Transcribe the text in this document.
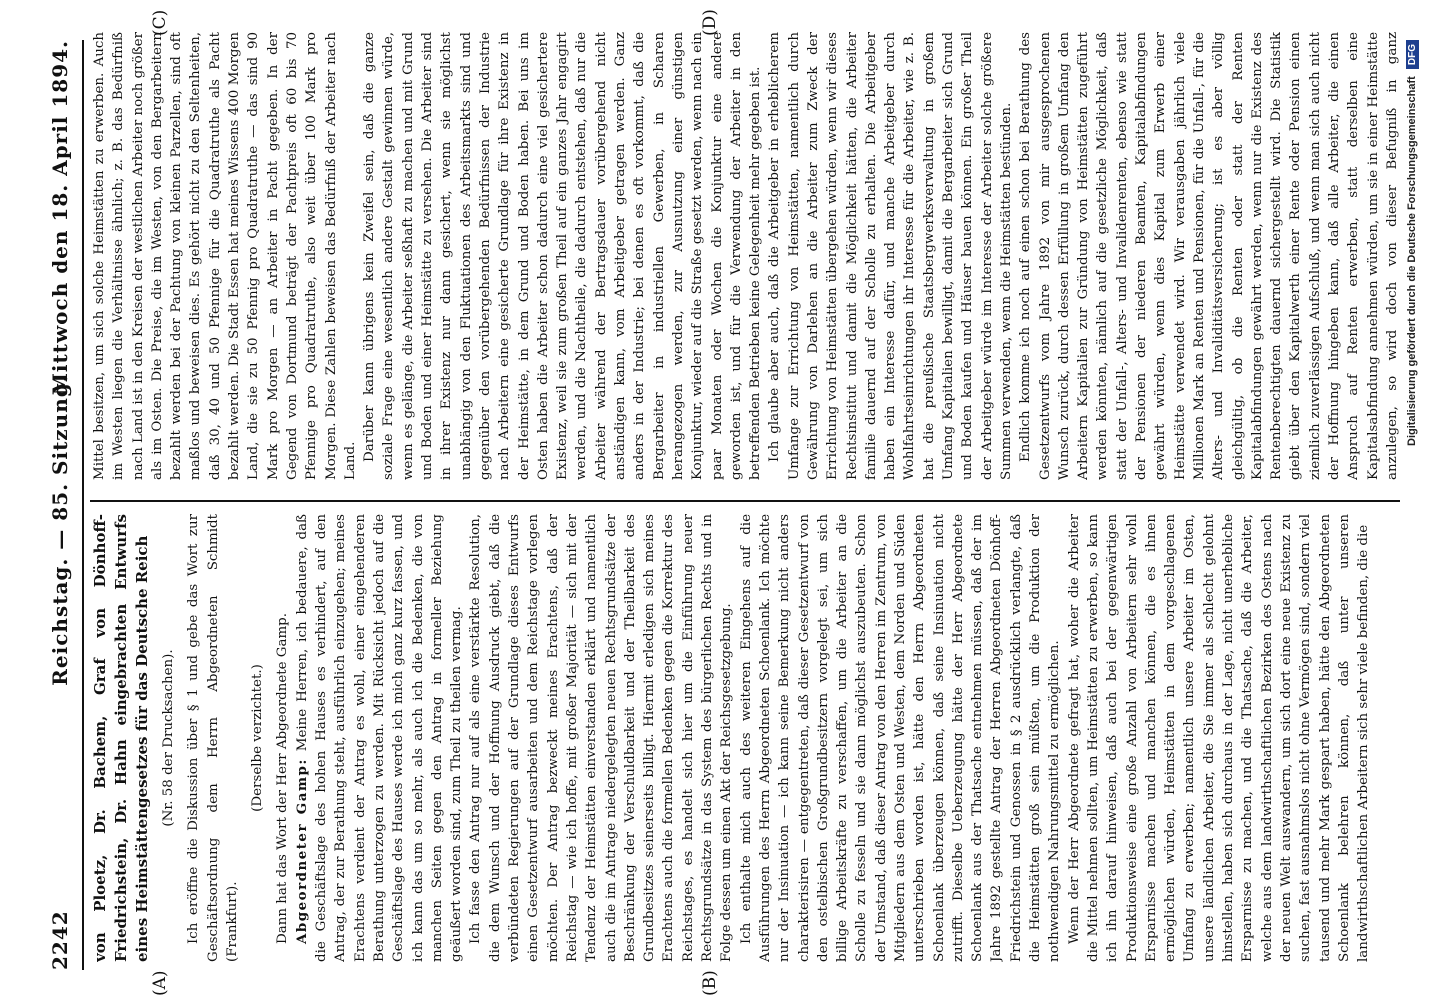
2242
Reichstag. — 85. Sitzung.
Mittwoch den 18. April 1894.
(A)	(B)
(C)	(D)

von Ploetz, Dr. Bachem, Graf von Dönhoff-Friedrichstein, Dr. Hahn eingebrachten Entwurfs eines Heimstättengesetzes für das Deutsche Reich (Nr. 58 der Drucksachen). Ich eröffne die Diskussion über § 1 und gebe das Wort zur Geschäftsordnung dem Herrn Abgeordneten Schmidt (Frankfurt).

(Derselbe verzichtet.) Dann hat das Wort der Herr Abgeordnete Gamp. Abgeordneter Gamp: Meine Herren, ich bedauere, daß die Geschäftslage des hohen Hauses es verhindert, auf den Antrag, der zur Berathung steht, ausführlich einzugehen; meines Erachtens verdient der Antrag es wohl, einer eingehenderen Berathung unterzogen zu werden. Mit Rücksicht jedoch auf die Geschäftslage des Hauses werde ich mich ganz kurz fassen, und ich kann das um so mehr, als auch ich die Bedenken, die von manchen Seiten gegen den Antrag in formeller Beziehung geäußert worden sind, zum Theil zu theilen vermag. Ich fasse den Antrag nur auf als eine verstärkte Resolution, die dem Wunsch und der Hoffnung Ausdruck giebt, daß die verbündeten Regierungen auf der Grundlage dieses Entwurfs einen Gesetzentwurf ausarbeiten und dem Reichstage vorlegen möchten. Der Antrag bezweckt meines Erachtens, daß der Reichstag — wie ich hoffe, mit großer Majorität — sich mit der Tendenz der Heimstätten einverstanden erklärt und namentlich auch die im Antrage niedergelegten neuen Rechtsgrundsätze der Beschränkung der Verschuldbarkeit und der Theilbarkeit des Grundbesitzes seinerseits billigt. Hiermit erledigen sich meines Erachtens auch die formellen Bedenken gegen die Korrektur des Reichstages, es handelt sich hier um die Einführung neuer Rechtsgrundsätze in das System des bürgerlichen Rechts und in Folge dessen um einen Akt der Reichsgesetzgebung. Ich enthalte mich auch des weiteren Eingehens auf die Ausführungen des Herrn Abgeordneten Schoenlank. Ich möchte nur der Insinuation — ich kann seine Bemerkung nicht anders charakterisiren — entgegentreten, daß dieser Gesetzentwurf von den ostelbischen Großgrundbesitzern vorgelegt sei, um sich billige Arbeitskräfte zu verschaffen, um die Arbeiter an die Scholle zu fesseln und sie dann möglichst auszubeuten. Schon der Umstand, daß dieser Antrag von den Herren im Zentrum, von Mitgliedern aus dem Osten und Westen, dem Norden und Süden unterschrieben worden ist, hätte den Herrn Abgeordneten Schoenlank überzeugen können, daß seine Insinuation nicht zutrifft. Dieselbe Ueberzeugung hätte der Herr Abgeordnete Schoenlank aus der Thatsache entnehmen müssen, daß der im Jahre 1892 gestellte Antrag der Herren Abgeordneten Dönhoff-Friedrichstein und Genossen in § 2 ausdrücklich verlangte, daß die Heimstätten groß sein müßten, um die Produktion der nothwendigen Nahrungsmittel zu ermöglichen. Wenn der Herr Abgeordnete gefragt hat, woher die Arbeiter die Mittel nehmen sollten, um Heimstätten zu erwerben, so kann ich ihn darauf hinweisen, daß auch bei der gegenwärtigen Produktionsweise eine große Anzahl von Arbeitern sehr wohl Ersparnisse machen und manchen können, die es ihnen ermöglichen würden, Heimstätten in dem vorgeschlagenen Umfang zu erwerben; namentlich unsere Arbeiter im Osten, unsere ländlichen Arbeiter, die Sie immer als schlecht gelohnt hinstellen, haben sich durchaus in der Lage, nicht unerhebliche Ersparnisse zu machen, und die Thatsache, daß die Arbeiter, welche aus dem landwirthschaftlichen Bezirken des Ostens nach der neuen Welt auswandern, um sich dort eine neue Existenz zu suchen, fast ausnahmslos nicht ohne Vermögen sind, sondern viel tausend und mehr Mark gespart haben, hätte den Abgeordneten Schoenlank belehren können, daß unter unseren landwirthschaftlichen Arbeitern sich sehr viele befinden, die die

Mittel besitzen, um sich solche Heimstätten zu erwerben. Auch im Westen liegen die Verhältnisse ähnlich; z. B. das Bedürfniß nach Land ist in den Kreisen der westlichen Arbeiter noch größer als im Osten. Die Preise, die im Westen, von den Bergarbeitern bezahlt werden bei der Pachtung von kleinen Parzellen, sind oft maßlos und beweisen dies. Es gehört nicht zu den Seltenheiten, daß 30, 40 und 50 Pfennige für die Quadratruthe als Pacht bezahlt werden. Die Stadt Essen hat meines Wissens 400 Morgen Land, die sie zu 50 Pfennig pro Quadratruthe — das sind 90 Mark pro Morgen — an Arbeiter in Pacht gegeben. In der Gegend von Dortmund beträgt der Pachtpreis oft 60 bis 70 Pfennige pro Quadratruthe, also weit über 100 Mark pro Morgen. Diese Zahlen beweisen das Bedürfniß der Arbeiter nach Land. Darüber kann übrigens kein Zweifel sein, daß die ganze soziale Frage eine wesentlich andere Gestalt gewinnen würde, wenn es gelänge, die Arbeiter seßhaft zu machen und mit Grund und Boden und einer Heimstätte zu versehen. Die Arbeiter sind in ihrer Existenz nur dann gesichert, wenn sie möglichst unabhängig von den Fluktuationen des Arbeitsmarkts sind und gegenüber den vorübergehenden Bedürfnissen der Industrie nach Arbeitern eine gesicherte Grundlage für ihre Existenz in der Heimstätte, in dem Grund und Boden haben. Bei uns im Osten haben die Arbeiter schon dadurch eine viel gesichertere Existenz, weil sie zum großen Theil auf ein ganzes Jahr engagirt werden, und die Nachtheile, die dadurch entstehen, daß nur die Arbeiter während der Bertragsdauer vorübergehend nicht anständigen kann, vom Arbeitgeber getragen werden. Ganz anders in der Industrie; bei denen es oft vorkommt, daß die Bergarbeiter in industriellen Gewerben, in Scharen herangezogen werden, zur Ausnutzung einer günstigen Konjunktur, wieder auf die Straße gesetzt werden, wenn nach ein paar Monaten oder Wochen die Konjunktur eine andere geworden ist, und für die Verwendung der Arbeiter in den betreffenden Betrieben keine Gelegenheit mehr gegeben ist. Ich glaube aber auch, daß die Arbeitgeber in erheblicherem Umfange zur Errichtung von Heimstätten, namentlich durch Gewährung von Darlehen an die Arbeiter zum Zweck der Errichtung von Heimstätten übergehen würden, wenn wir dieses Rechtsinstitut und damit die Möglichkeit hätten, die Arbeiter familie dauernd auf der Scholle zu erhalten. Die Arbeitgeber haben ein Interesse dafür, und manche Arbeitgeber durch Wohlfahrtseinrichtungen ihr Interesse für die Arbeiter, wie z. B. hat die preußische Staatsbergwerksverwaltung in großem Umfang Kapitalien bewilligt, damit die Bergarbeiter sich Grund und Boden kaufen und Häuser bauen können. Ein großer Theil der Arbeitgeber würde im Interesse der Arbeiter solche größere Summen verwenden, wenn die Heimstätten bestünden. Endlich komme ich noch auf einen schon bei Berathung des Gesetzentwurfs vom Jahre 1892 von mir ausgesprochenen Wunsch zurück, durch dessen Erfüllung in großem Umfang den Arbeitern Kapitalien zur Gründung von Heimstätten zugeführt werden könnten, nämlich auf die gesetzliche Möglichkeit, daß statt der Unfall-, Alters- und Invalidenrenten, ebenso wie statt der Pensionen der niederen Beamten, Kapitalabfindungen gewährt würden, wenn dies Kapital zum Erwerb einer Heimstätte verwendet wird. Wir verausgaben jährlich viele Millionen Mark an Renten und Pensionen, für die Unfall-, für die Alters- und Invaliditätsversicherung; ist es aber völlig gleichgültig, ob die Renten oder statt der Renten Kapitalabfindungen gewährt werden, wenn nur die Existenz des Rentenberechtigten dauernd sichergestellt wird. Die Statistik giebt über den Kapitalwerth einer Rente oder Pension einen ziemlich zuverlässigen Aufschluß, und wenn man sich auch nicht der Hoffnung hingeben kann, daß alle Arbeiter, die einen Anspruch auf Renten erwerben, statt derselben eine Kapitalsabfindung annehmen würden, um sie in einer Heimstätte anzulegen, so wird doch von dieser Befugniß in ganz

Digitalisierung gefördert durch die Deutsche Forschungsgemeinschaft DFG
